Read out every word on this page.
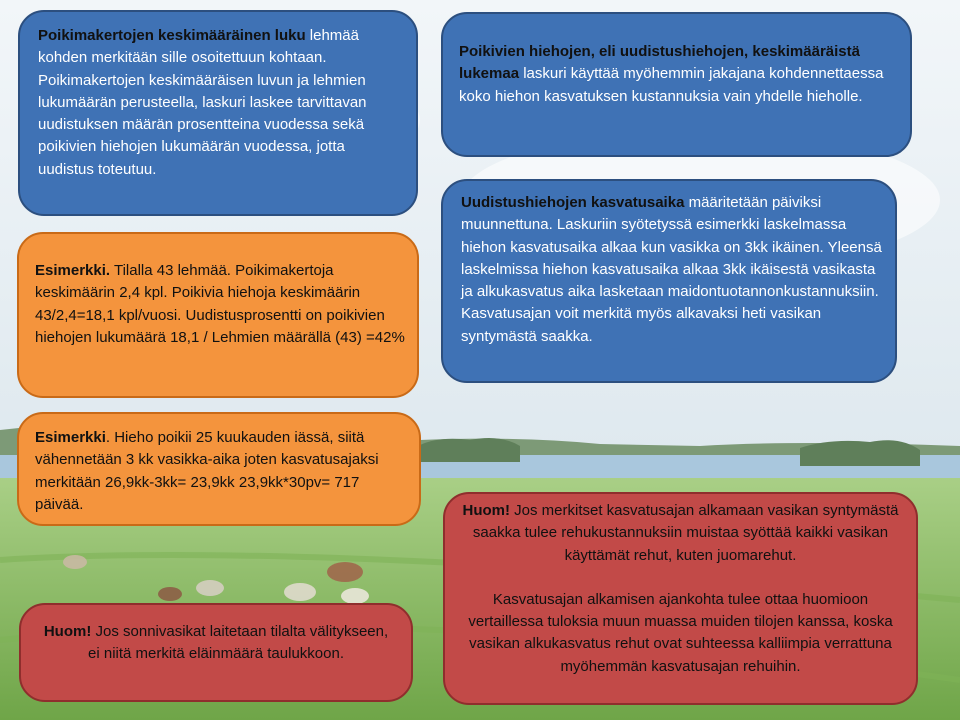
Poikimakertojen keskimääräinen luku lehmää kohden merkitään sille osoitettuun kohtaan. Poikimakertojen keskimääräisen luvun ja lehmien lukumäärän perusteella, laskuri laskee tarvittavan uudistuksen määrän prosentteina vuodessa sekä poikivien hiehojen lukumäärän vuodessa, jotta uudistus toteutuu.
Poikivien hiehojen, eli uudistushiehojen, keskimääräistä lukemaa laskuri käyttää myöhemmin jakajana kohdennettaessa koko hiehon kasvatuksen kustannuksia vain yhdelle hieholle.
Esimerkki. Tilalla 43 lehmää. Poikimakertoja keskimäärin 2,4 kpl. Poikivia hiehoja keskimäärin 43/2,4=18,1 kpl/vuosi. Uudistusprosentti on poikivien hiehojen lukumäärä 18,1 / Lehmien määrällä (43) =42%
Uudistushiehojen kasvatusaika määritetään päiviksi muunnettuna. Laskuriin syötetyssä esimerkki laskelmassa hiehon kasvatusaika alkaa kun vasikka on 3kk ikäinen. Yleensä laskelmissa hiehon kasvatusaika alkaa 3kk ikäisestä vasikasta ja alkukasvatus aika lasketaan maidontuotannonkustannuksiin. Kasvatusajan voit merkitä myös alkavaksi heti vasikan syntymästä saakka.
Esimerkki. Hieho poikii 25 kuukauden iässä, siitä vähennetään 3 kk vasikka-aika joten kasvatusajaksi merkitään 26,9kk-3kk= 23,9kk 23,9kk*30pv= 717 päivää.	Huom! Jos merkitset kasvatusajan alkamaan vasikan syntymästä saakka tulee rehukustannuksiin muistaa syöttää kaikki vasikan käyttämät rehut, kuten juomarehut.
Kasvatusajan alkamisen ajankohta tulee ottaa huomioon vertaillessa tuloksia muun muassa muiden tilojen kanssa, koska vasikan alkukasvatus rehut ovat suhteessa kalliimpia verrattuna myöhemmän kasvatusajan rehuihin.
Huom! Jos sonnivasikat laitetaan tilalta välitykseen, ei niitä merkitä eläinmäärä taulukkoon.
